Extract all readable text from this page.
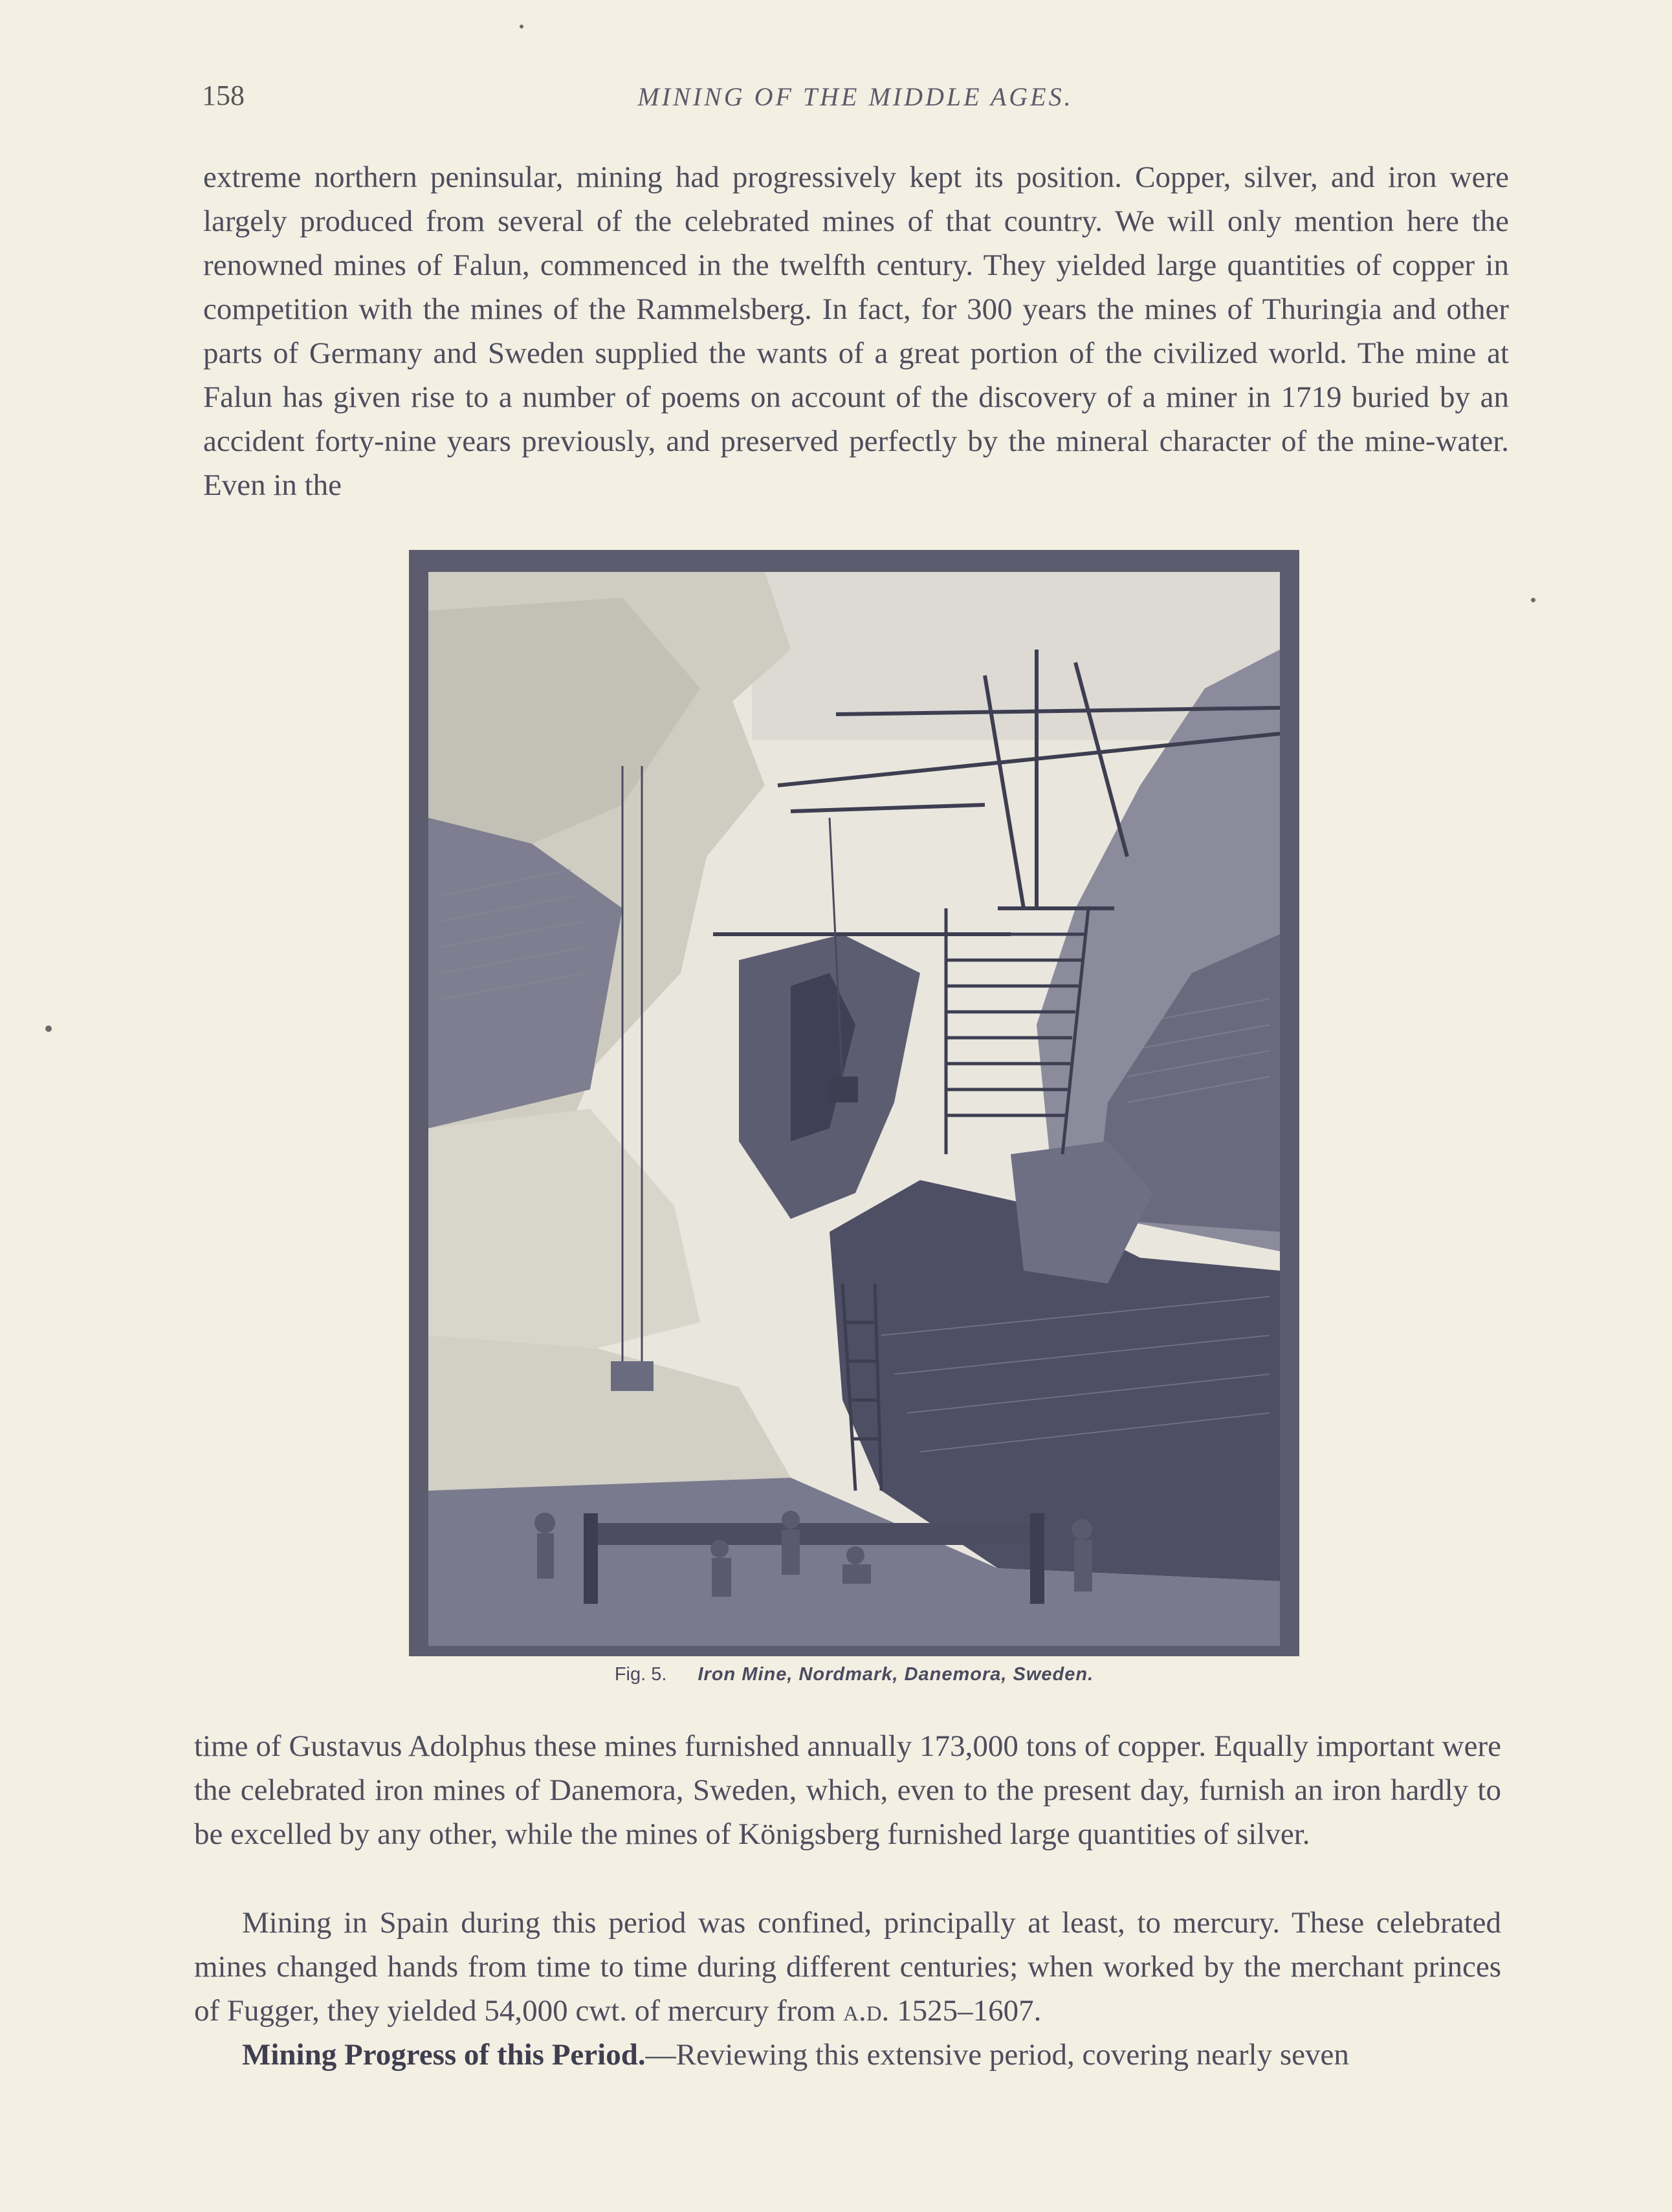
158	MINING OF THE MIDDLE AGES.

extreme northern peninsular, mining had progressively kept its position. Copper, silver, and iron were largely produced from several of the celebrated mines of that country. We will only mention here the renowned mines of Falun, commenced in the twelfth century. They yielded large quantities of copper in competition with the mines of the Rammelsberg. In fact, for 300 years the mines of Thuringia and other parts of Germany and Sweden supplied the wants of a great portion of the civilized world. The mine at Falun has given rise to a number of poems on account of the discovery of a miner in 1719 buried by an accident forty-nine years previously, and preserved perfectly by the mineral character of the mine-water. Even in the

Fig. 5. Iron Mine, Nordmark, Danemora, Sweden.

time of Gustavus Adolphus these mines furnished annually 173,000 tons of copper. Equally important were the celebrated iron mines of Danemora, Sweden, which, even to the present day, furnish an iron hardly to be excelled by any other, while the mines of Königsberg furnished large quantities of silver.

Mining in Spain during this period was confined, principally at least, to mercury. These celebrated mines changed hands from time to time during different centuries; when worked by the merchant princes of Fugger, they yielded 54,000 cwt. of mercury from a.d. 1525–1607.

Mining Progress of this Period.—Reviewing this extensive period, covering nearly seven
